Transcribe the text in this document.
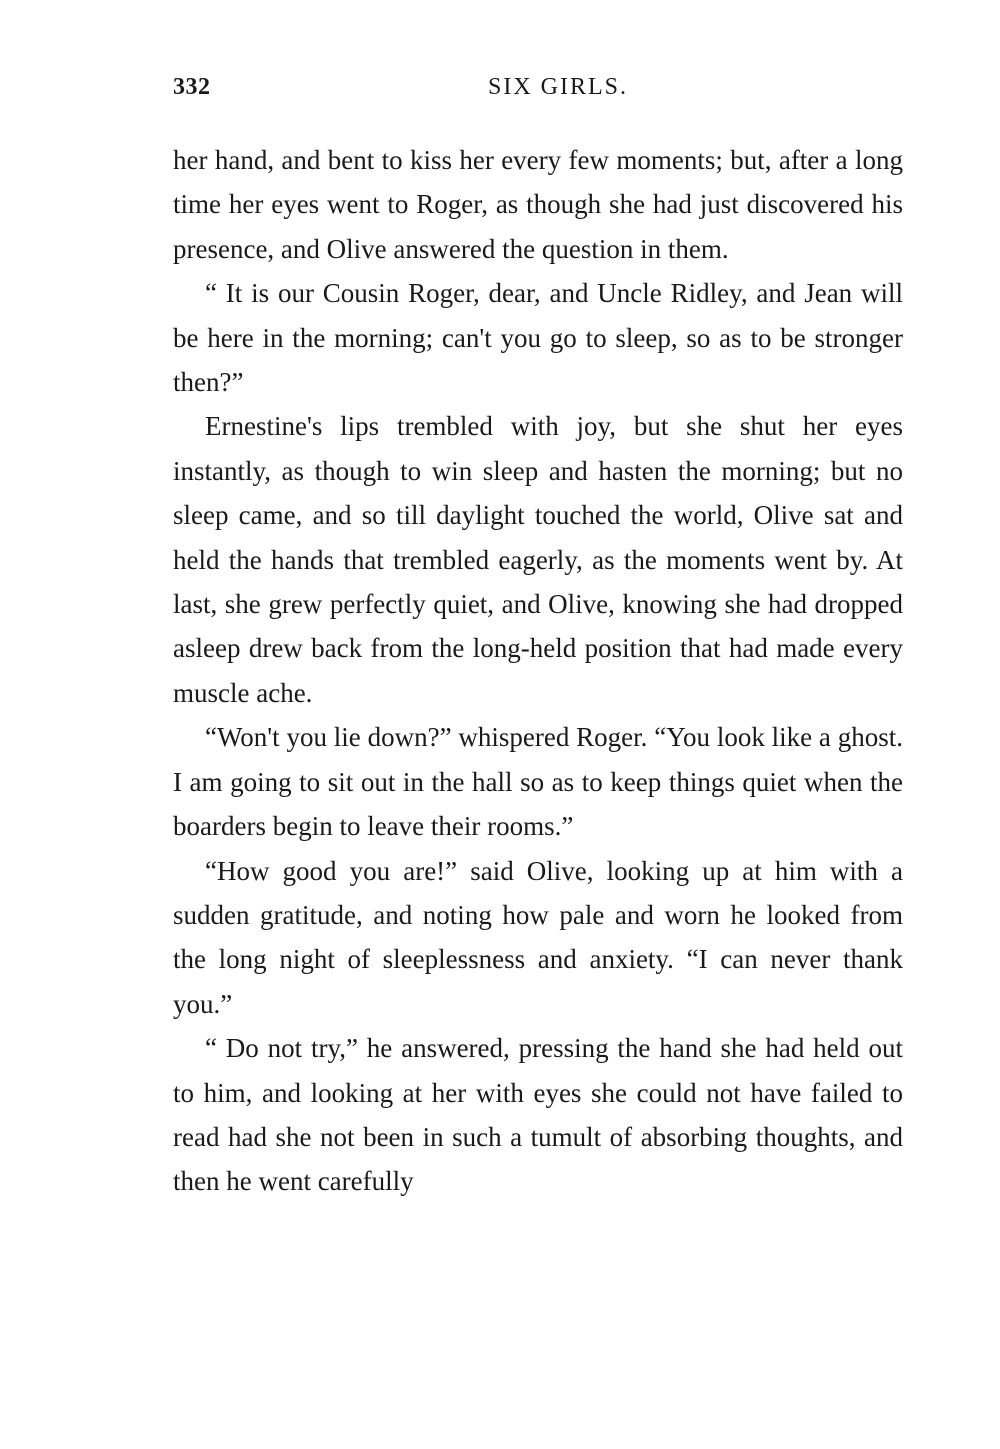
332	SIX GIRLS.

her hand, and bent to kiss her every few moments; but, after a long time her eyes went to Roger, as though she had just discovered his presence, and Olive answered the question in them.

“ It is our Cousin Roger, dear, and Uncle Ridley, and Jean will be here in the morning; can't you go to sleep, so as to be stronger then?”

Ernestine's lips trembled with joy, but she shut her eyes instantly, as though to win sleep and hasten the morning; but no sleep came, and so till daylight touched the world, Olive sat and held the hands that trembled eagerly, as the moments went by. At last, she grew perfectly quiet, and Olive, knowing she had dropped asleep drew back from the long-held position that had made every muscle ache.

“Won't you lie down?” whispered Roger. “You look like a ghost. I am going to sit out in the hall so as to keep things quiet when the boarders begin to leave their rooms.”

“How good you are!” said Olive, looking up at him with a sudden gratitude, and noting how pale and worn he looked from the long night of sleeplessness and anxiety. “I can never thank you.”

“ Do not try,” he answered, pressing the hand she had held out to him, and looking at her with eyes she could not have failed to read had she not been in such a tumult of absorbing thoughts, and then he went carefully
